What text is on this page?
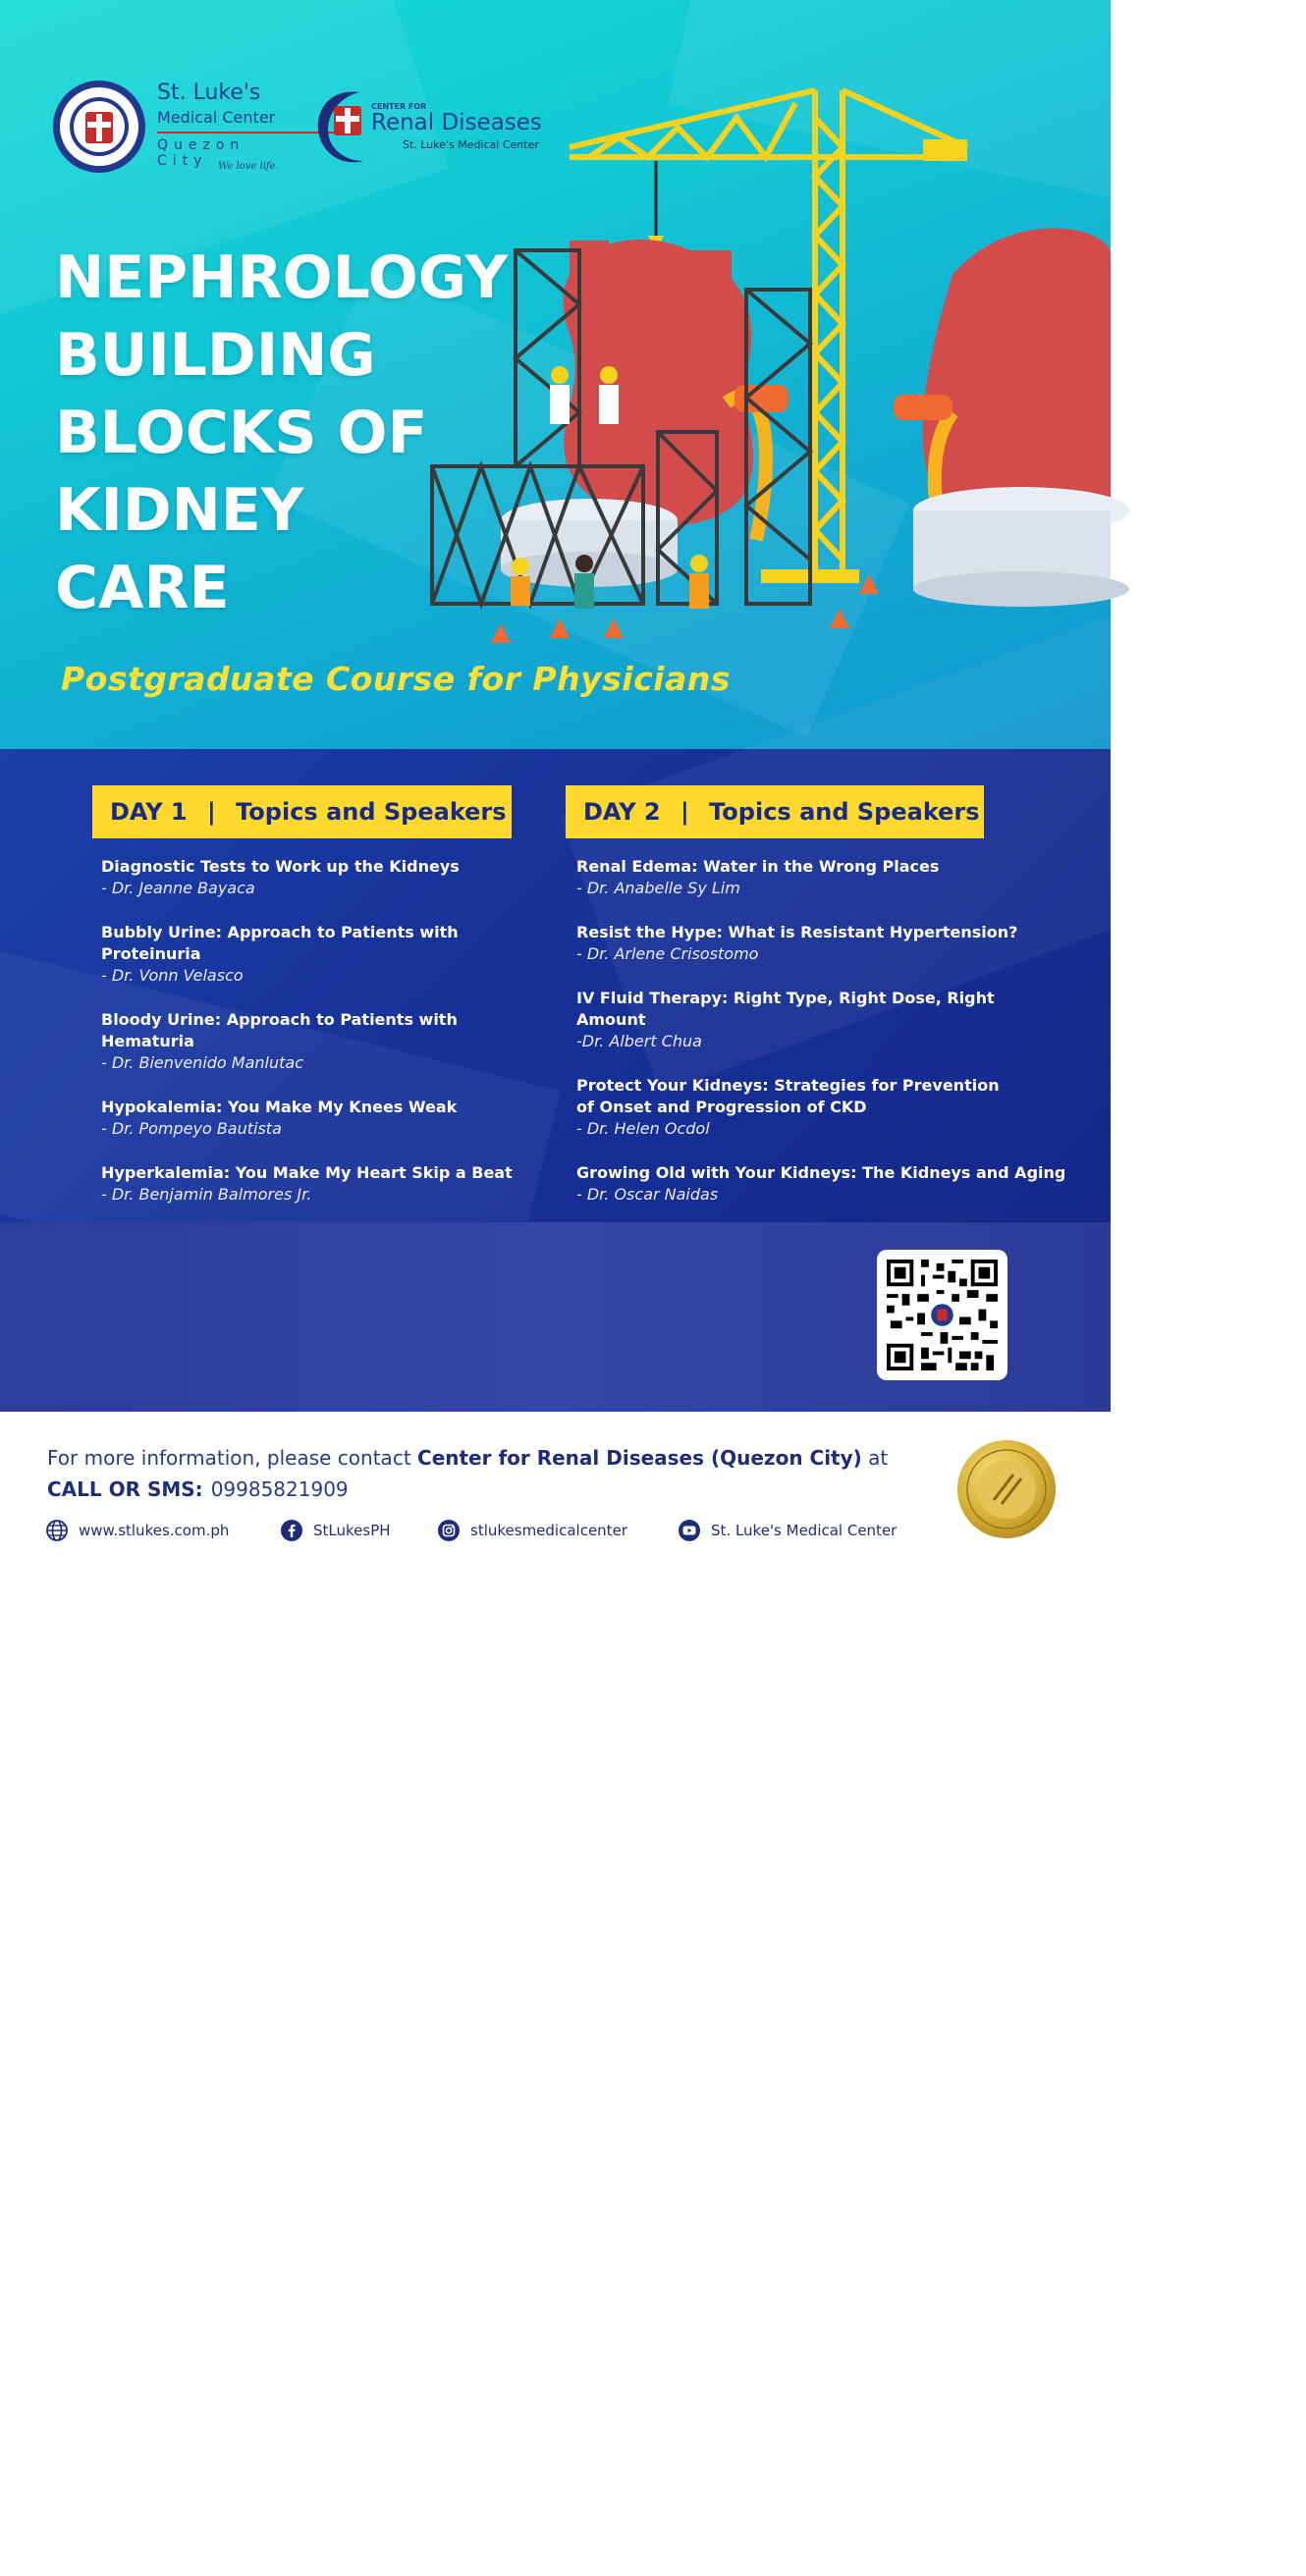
St. Luke's
Medical Center
Quezon City	We love life.
CENTER FOR
Renal Diseases
St. Luke's Medical Center
NEPHROLOGY
BUILDING
BLOCKS OF
KIDNEY
CARE
Postgraduate Course for Physicians
DAY 1 | Topics and Speakers	DAY 2 | Topics and Speakers
Diagnostic Tests to Work up the Kidneys
- Dr. Jeanne Bayaca
Bubbly Urine: Approach to Patients with Proteinuria
- Dr. Vonn Velasco
Bloody Urine: Approach to Patients with Hematuria
- Dr. Bienvenido Manlutac
Hypokalemia: You Make My Knees Weak
- Dr. Pompeyo Bautista
Hyperkalemia: You Make My Heart Skip a Beat
- Dr. Benjamin Balmores Jr.
Renal Edema: Water in the Wrong Places
- Dr. Anabelle Sy Lim
Resist the Hype: What is Resistant Hypertension?
- Dr. Arlene Crisostomo
IV Fluid Therapy: Right Type, Right Dose, Right Amount
-Dr. Albert Chua
Protect Your Kidneys: Strategies for Prevention of Onset and Progression of CKD
- Dr. Helen Ocdol
Growing Old with Your Kidneys: The Kidneys and Aging
- Dr. Oscar Naidas
JUNE 29 - 30, 2022 | 9:00 AM - 4:00 PM | Via ZOOM
To register, please scan the QR Code or visit this link: bit.ly/SLMC_NephroPGReg
For more information, please contact Center for Renal Diseases (Quezon City) at
CALL OR SMS: 09985821909
www.stlukes.com.ph	StLukesPH	stlukesmedicalcenter	St. Luke's Medical Center
